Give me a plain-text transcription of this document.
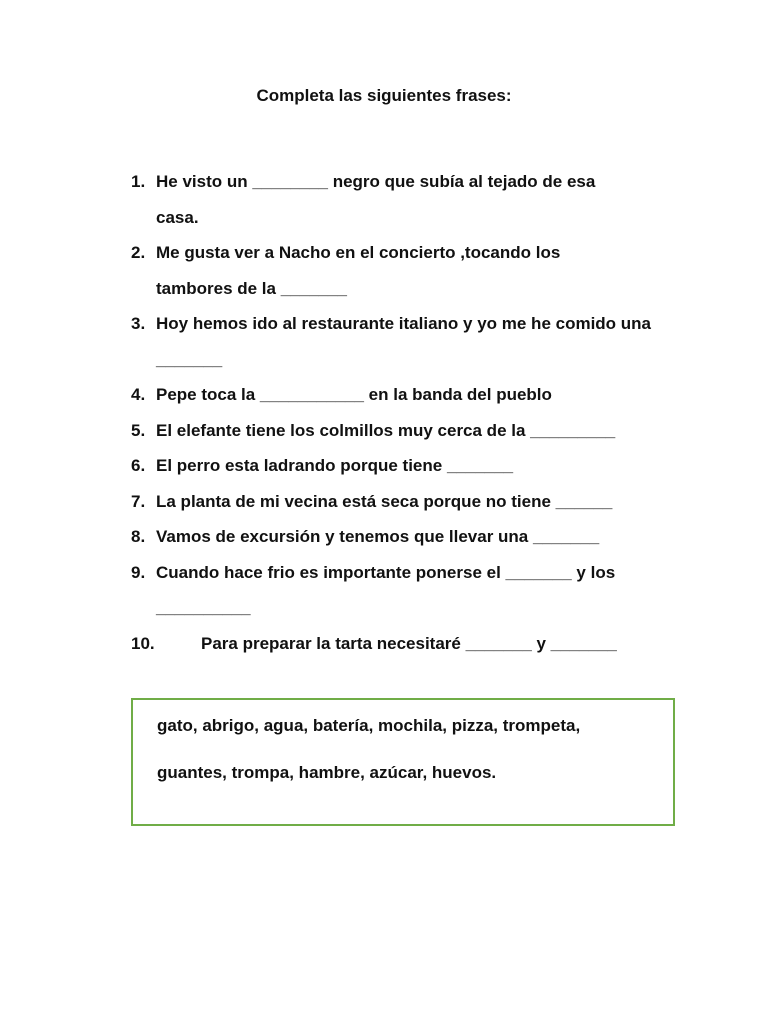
Completa las siguientes frases:
1. He visto un ________ negro que subía al tejado de esa casa.
2. Me gusta ver a Nacho en el concierto ,tocando los tambores de la _______
3. Hoy hemos ido al restaurante italiano y yo me he comido una _______
4. Pepe toca la ___________ en la banda del pueblo
5. El elefante tiene los colmillos muy cerca de la _________
6. El perro esta ladrando porque tiene _______
7. La planta de mi vecina está seca porque no tiene ______
8. Vamos de excursión y tenemos que llevar una _______
9. Cuando hace frio es importante ponerse el _______ y los __________
10.	Para preparar la tarta necesitaré _______ y _______

gato, abrigo, agua, batería, mochila, pizza, trompeta,

guantes, trompa, hambre, azúcar, huevos.
